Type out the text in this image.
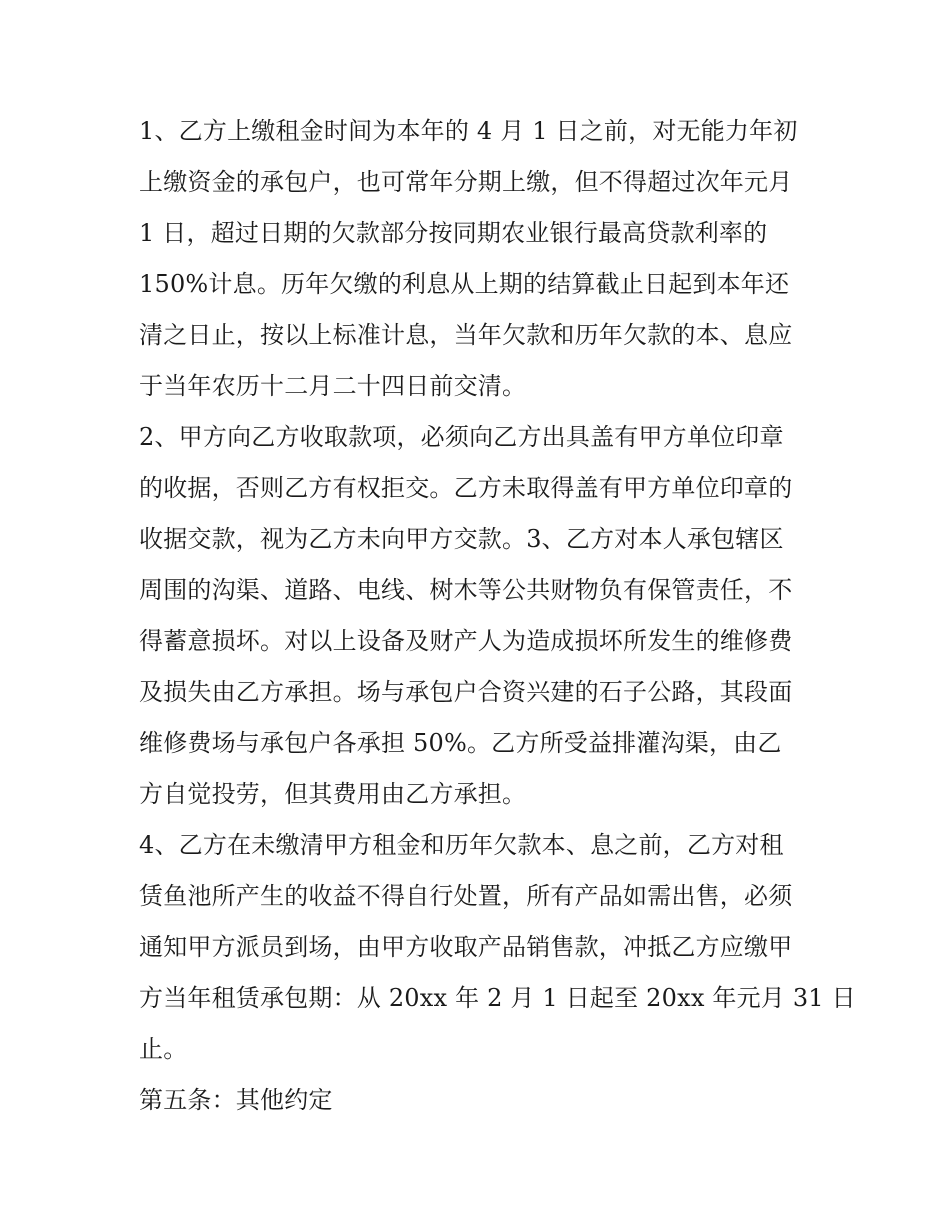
1、乙方上缴租金时间为本年的 4 月 1 日之前，对无能力年初
上缴资金的承包户，也可常年分期上缴，但不得超过次年元月
1 日，超过日期的欠款部分按同期农业银行最高贷款利率的
150%计息。历年欠缴的利息从上期的结算截止日起到本年还
清之日止，按以上标准计息，当年欠款和历年欠款的本、息应
于当年农历十二月二十四日前交清。
2、甲方向乙方收取款项，必须向乙方出具盖有甲方单位印章
的收据，否则乙方有权拒交。乙方未取得盖有甲方单位印章的
收据交款，视为乙方未向甲方交款。3、乙方对本人承包辖区
周围的沟渠、道路、电线、树木等公共财物负有保管责任，不
得蓄意损坏。对以上设备及财产人为造成损坏所发生的维修费
及损失由乙方承担。场与承包户合资兴建的石子公路，其段面
维修费场与承包户各承担 50%。乙方所受益排灌沟渠，由乙
方自觉投劳，但其费用由乙方承担。
4、乙方在未缴清甲方租金和历年欠款本、息之前，乙方对租
赁鱼池所产生的收益不得自行处置，所有产品如需出售，必须
通知甲方派员到场，由甲方收取产品销售款，冲抵乙方应缴甲
方当年租赁承包期：从 20xx 年 2 月 1 日起至 20xx 年元月 31 日
止。
第五条：其他约定
